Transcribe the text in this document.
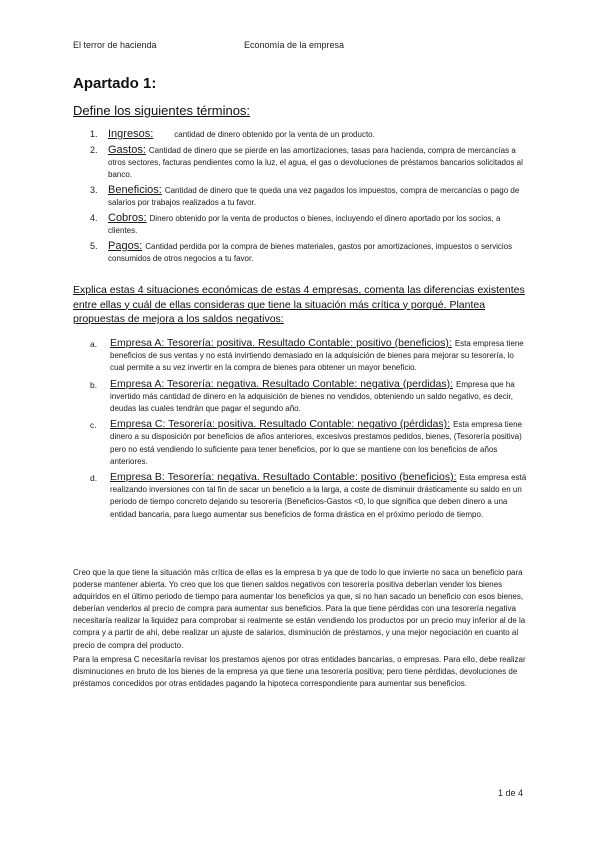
El terror de hacienda	Economía de la empresa
Apartado 1:
Define los siguientes términos:
1. Ingresos:	cantidad de dinero obtenido por la venta de un producto.
2. Gastos: Cantidad de dinero que se pierde en las amortizaciones, tasas para hacienda, compra de mercancías a otros sectores, facturas pendientes como la luz, el agua, el gas o devoluciones de préstamos bancarios solicitados al banco.
3. Beneficios: Cantidad de dinero que te queda una vez pagados los impuestos, compra de mercancías o pago de salarios por trabajos realizados a tu favor.
4. Cobros: Dinero obtenido por la venta de productos o bienes, incluyendo el dinero aportado por los socios, a clientes.
5. Pagos: Cantidad perdida por la compra de bienes materiales, gastos por amortizaciones, impuestos o servicios consumidos de otros negocios a tu favor.
Explica estas 4 situaciones económicas de estas 4 empresas, comenta las diferencias existentes entre ellas y cuál de ellas consideras que tiene la situación más crítica y porqué. Plantea propuestas de mejora a los saldos negativos:
a. Empresa A: Tesorería: positiva. Resultado Contable: positivo (beneficios): Esta empresa tiene beneficios de sus ventas y no está invirtiendo demasiado en la adquisición de bienes para mejorar su tesorería, lo cual permite a su vez invertir en la compra de bienes para obtener un mayor beneficio.
b. Empresa A: Tesorería: negativa. Resultado Contable: negativa (perdidas): Empresa que ha invertido más cantidad de dinero en la adquisición de bienes no vendidos, obteniendo un saldo negativo, es decir, deudas las cuales tendrán que pagar el segundo año.
c. Empresa C: Tesorería: positiva. Resultado Contable: negativo (pérdidas): Esta empresa tiene dinero a su disposición por beneficios de años anteriores, excesivos prestamos pedidos, bienes, (Tesorería positiva) pero no está vendiendo lo suficiente para tener beneficios, por lo que se mantiene con los beneficios de años anteriores.
d. Empresa B: Tesorería: negativa. Resultado Contable: positivo (beneficios): Esta empresa está realizando inversiones con tal fin de sacar un beneficio a la larga, a coste de disminuir drásticamente su saldo en un periodo de tiempo concreto dejando su tesorería (Beneficios-Gastos <0, lo que significa que deben dinero a una entidad bancaria, para luego aumentar sus beneficios de forma drástica en el próximo periodo de tiempo.
Creo que la que tiene la situación más crítica de ellas es la empresa b ya que de todo lo que invierte no saca un beneficio para poderse mantener abierta. Yo creo que los que tienen saldos negativos con tesorería positiva deberían vender los bienes adquiridos en el último periodo de tiempo para aumentar los beneficios ya que, si no han sacado un beneficio con esos bienes, deberían venderlos al precio de compra para aumentar sus beneficios. Para la que tiene pérdidas con una tesorería negativa necesitaría realizar la liquidez para comprobar si realmente se están vendiendo los productos por un precio muy inferior al de la compra y a partir de ahí, debe realizar un ajuste de salarios, disminución de préstamos, y una mejor negociación en cuanto al precio de compra del producto.
Para la empresa C necesitaría revisar los prestamos ajenos por otras entidades bancarias, o empresas. Para ello, debe realizar disminuciones en bruto de los bienes de la empresa ya que tiene una tesorería positiva; pero tiene pérdidas, devoluciones de préstamos concedidos por otras entidades pagando la hipoteca correspondiente para aumentar sus beneficios.
1 de 4
